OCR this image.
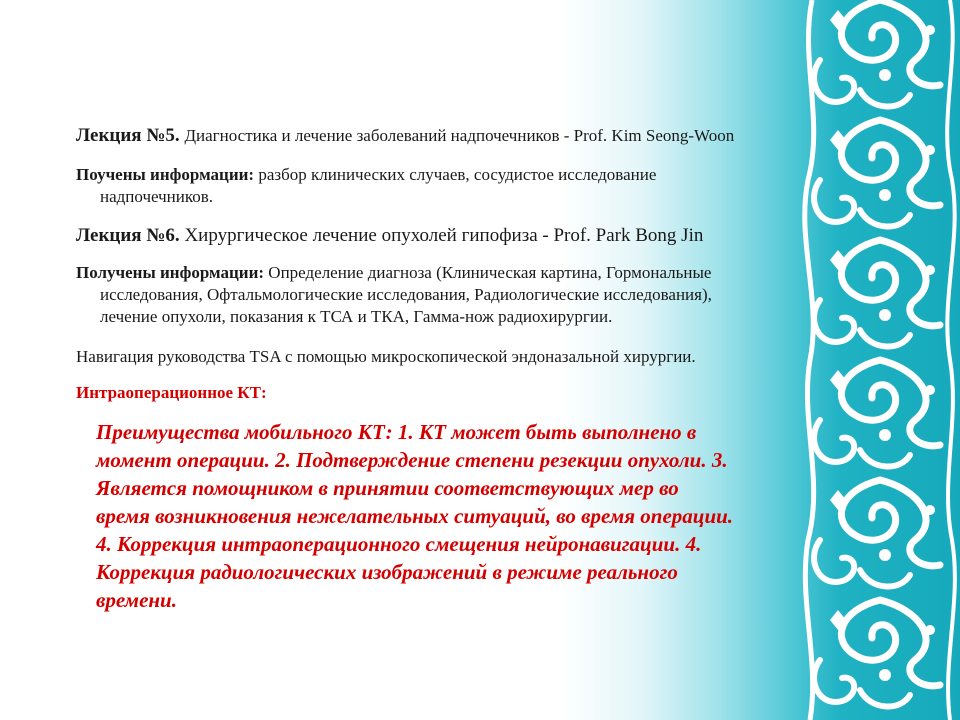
Лекция №5. Диагностика и лечение заболеваний надпочечников - Prof. Kim Seong-Woon

Поучены информации: разбор клинических случаев, сосудистое исследование
надпочечников.

Лекция №6. Хирургическое лечение опухолей гипофиза - Prof. Park Bong Jin

Получены информации: Определение диагноза (Клиническая картина, Гормональные
исследования, Офтальмологические исследования, Радиологические исследования),
лечение опухоли, показания к ТСА и ТКА, Гамма-нож радиохирургии.

Навигация руководства TSA с помощью микроскопической эндоназальной хирургии.

Интраоперационное КТ:

Преимущества мобильного КТ: 1. КТ может быть выполнено в
момент операции. 2. Подтверждение степени резекции опухоли. 3.
Является помощником в принятии соответствующих мер во
время возникновения нежелательных ситуаций, во время операции.
4. Коррекция интраоперационного смещения нейронавигации. 4.
Коррекция радиологических изображений в режиме реального
времени.
